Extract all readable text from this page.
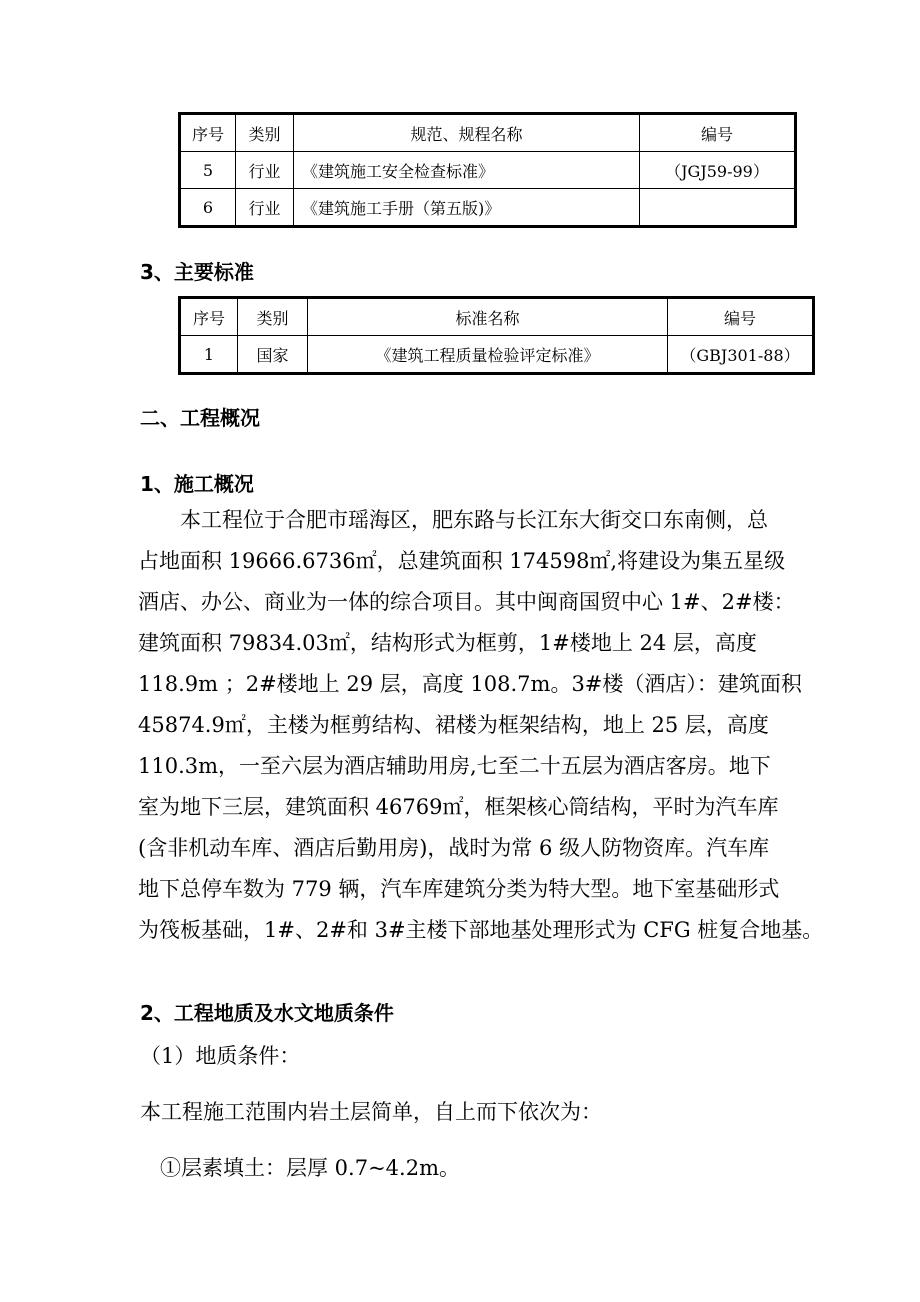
序号	类别	规范、规程名称	编号
5	行业	《建筑施工安全检查标准》	（JGJ59-99）
6	行业	《建筑施工手册（第五版)》	
3、主要标准
序号	类别	标准名称	编号
1	国家	《建筑工程质量检验评定标准》	（GBJ301-88）
二、工程概况
1、施工概况
　　本工程位于合肥市瑶海区，肥东路与长江东大街交口东南侧，总
占地面积 19666.6736㎡，总建筑面积 174598㎡,将建设为集五星级
酒店、办公、商业为一体的综合项目。其中闽商国贸中心 1#、2#楼：
建筑面积 79834.03㎡，结构形式为框剪，1#楼地上 24 层，高度
118.9m ；2#楼地上 29 层，高度 108.7m。3#楼（酒店）：建筑面积
45874.9㎡，主楼为框剪结构、裙楼为框架结构，地上 25 层，高度
110.3m，一至六层为酒店辅助用房,七至二十五层为酒店客房。地下
室为地下三层，建筑面积 46769㎡，框架核心筒结构，平时为汽车库
(含非机动车库、酒店后勤用房)，战时为常 6 级人防物资库。汽车库
地下总停车数为 779 辆，汽车库建筑分类为特大型。地下室基础形式
为筏板基础，1#、2#和 3#主楼下部地基处理形式为 CFG 桩复合地基。
2、工程地质及水文地质条件
（1）地质条件：
本工程施工范围内岩土层简单，自上而下依次为：
①层素填土：层厚 0.7~4.2m。
